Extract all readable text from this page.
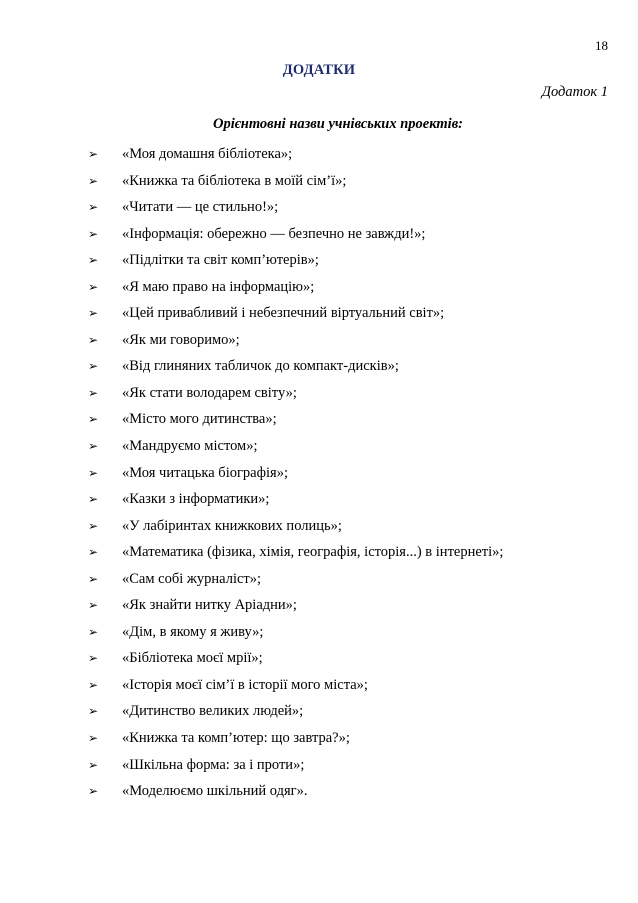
18
ДОДАТКИ
Додаток 1
Орієнтовні назви учнівських проектів:
➢	«Моя домашня бібліотека»;
➢	«Книжка та бібліотека в моїй сім’ї»;
➢	«Читати — це стильно!»;
➢	«Інформація: обережно — безпечно не завжди!»;
➢	«Підлітки та світ комп’ютерів»;
➢	«Я маю право на інформацію»;
➢	«Цей привабливий і небезпечний віртуальний світ»;
➢	«Як ми говоримо»;
➢	«Від глиняних табличок до компакт-дисків»;
➢	«Як стати володарем світу»;
➢	«Місто мого дитинства»;
➢	«Мандруємо містом»;
➢	«Моя читацька біографія»;
➢	«Казки з інформатики»;
➢	«У лабіринтах книжкових полиць»;
➢	«Математика (фізика, хімія, географія, історія...) в інтернеті»;
➢	«Сам собі журналіст»;
➢	«Як знайти нитку Аріадни»;
➢	«Дім, в якому я живу»;
➢	«Бібліотека моєї мрії»;
➢	«Історія моєї сім’ї в історії мого міста»;
➢	«Дитинство великих людей»;
➢	«Книжка та комп’ютер: що завтра?»;
➢	«Шкільна форма: за і проти»;
➢	«Моделюємо шкільний одяг».
